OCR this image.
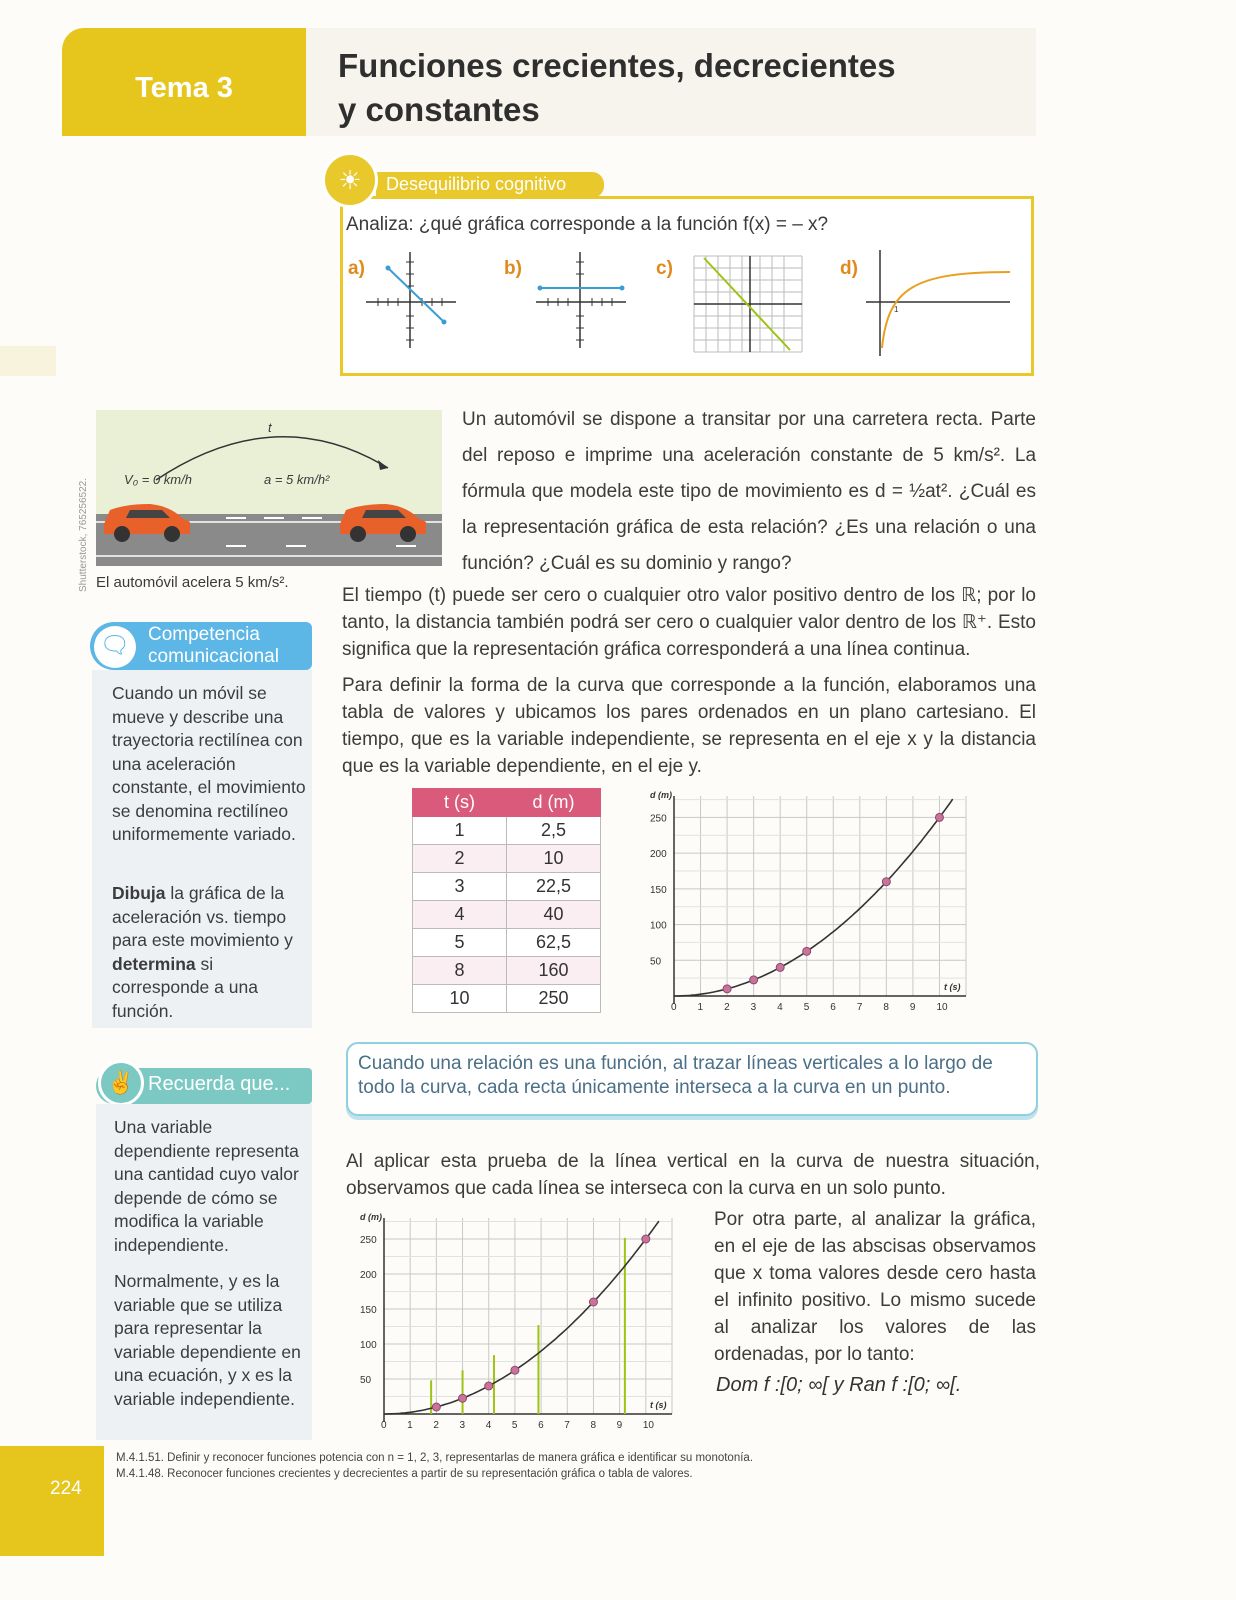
Tema 3
Funciones crecientes, decrecientes
y constantes
Desequilibrio cognitivo
☀
Analiza: ¿qué gráfica corresponde a la función f(x) = – x?
a)	b)	c)	d)
1
t
V₀ = 0 km/h	a = 5 km/h²
El automóvil acelera 5 km/s².
Shutterstock, 765256522.
Un automóvil se dispone a transitar por una carretera recta. Parte del reposo e imprime una aceleración constante de 5 km/s². La fórmula que modela este tipo de movimiento es d = ½at². ¿Cuál es la representación gráfica de esta relación? ¿Es una relación o una función? ¿Cuál es su dominio y rango?
El tiempo (t) puede ser cero o cualquier otro valor positivo dentro de los ℝ; por lo tanto, la distancia también podrá ser cero o cualquier valor dentro de los ℝ⁺. Esto significa que la representación gráfica corresponderá a una línea continua.
Para definir la forma de la curva que corresponde a la función, elaboramos una tabla de valores y ubicamos los pares ordenados en un plano cartesiano. El tiempo, que es la variable independiente, se representa en el eje x y la distancia que es la variable dependiente, en el eje y.
t (s)	d (m)
1	2,5
2	10
3	22,5
4	40
5	62,5
8	160
10	250	0 1 2 3 4 5 6 7 8 9 10
50
100
150
200
250
d (m)
t (s)
Cuando una relación es una función, al trazar líneas verticales a lo largo de todo la curva, cada recta únicamente interseca a la curva en un punto.
Al aplicar esta prueba de la línea vertical en la curva de nuestra situación, observamos que cada línea se interseca con la curva en un solo punto.
0 1 2 3 4 5 6 7 8 9 10
50
100
150
200
250
d (m)
t (s)
Por otra parte, al analizar la gráfica, en el eje de las abscisas observamos que x toma valores desde cero hasta el infinito positivo. Lo mismo sucede al analizar los valores de las ordenadas, por lo tanto:
Dom f :[0; ∞[ y Ran f :[0; ∞[.
🗨 Competencia
comunicacional
Cuando un móvil se mueve y describe una trayectoria rectilínea con una aceleración constante, el movimiento se denomina rectilíneo uniformemente variado.
Dibuja la gráfica de la aceleración vs. tiempo para este movimiento y determina si corresponde a una función.
✌ Recuerda que...
Una variable dependiente representa una cantidad cuyo valor depende de cómo se modifica la variable independiente.
Normalmente, y es la variable que se utiliza para representar la variable dependiente en una ecuación, y x es la variable independiente.
224
M.4.1.51. Definir y reconocer funciones potencia con n = 1, 2, 3, representarlas de manera gráfica e identificar su monotonía.
M.4.1.48. Reconocer funciones crecientes y decrecientes a partir de su representación gráfica o tabla de valores.
